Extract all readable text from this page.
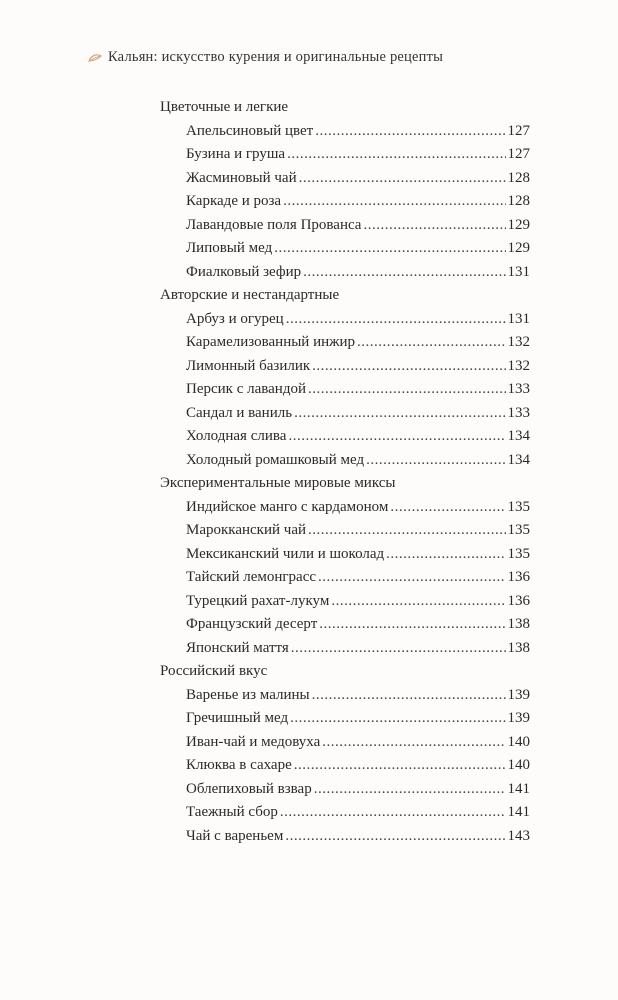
Кальян: искусство курения и оригинальные рецепты
Цветочные и легкие
Апельсиновый цвет .....	127
Бузина и груша .....	127
Жасминовый чай .....	128
Каркаде и роза .....	128
Лавандовые поля Прованса .....	129
Липовый мед .....	129
Фиалковый зефир .....	131
Авторские и нестандартные
Арбуз и огурец .....	131
Карамелизованный инжир .....	132
Лимонный базилик .....	132
Персик с лавандой .....	133
Сандал и ваниль .....	133
Холодная слива .....	134
Холодный ромашковый мед .....	134
Экспериментальные мировые миксы
Индийское манго с кардамоном .....	135
Марокканский чай .....	135
Мексиканский чили и шоколад .....	135
Тайский лемонграсс .....	136
Турецкий рахат-лукум .....	136
Французский десерт .....	138
Японский маття .....	138
Российский вкус
Варенье из малины .....	139
Гречишный мед .....	139
Иван-чай и медовуха .....	140
Клюква в сахаре .....	140
Облепиховый взвар .....	141
Таежный сбор .....	141
Чай с вареньем .....	143
